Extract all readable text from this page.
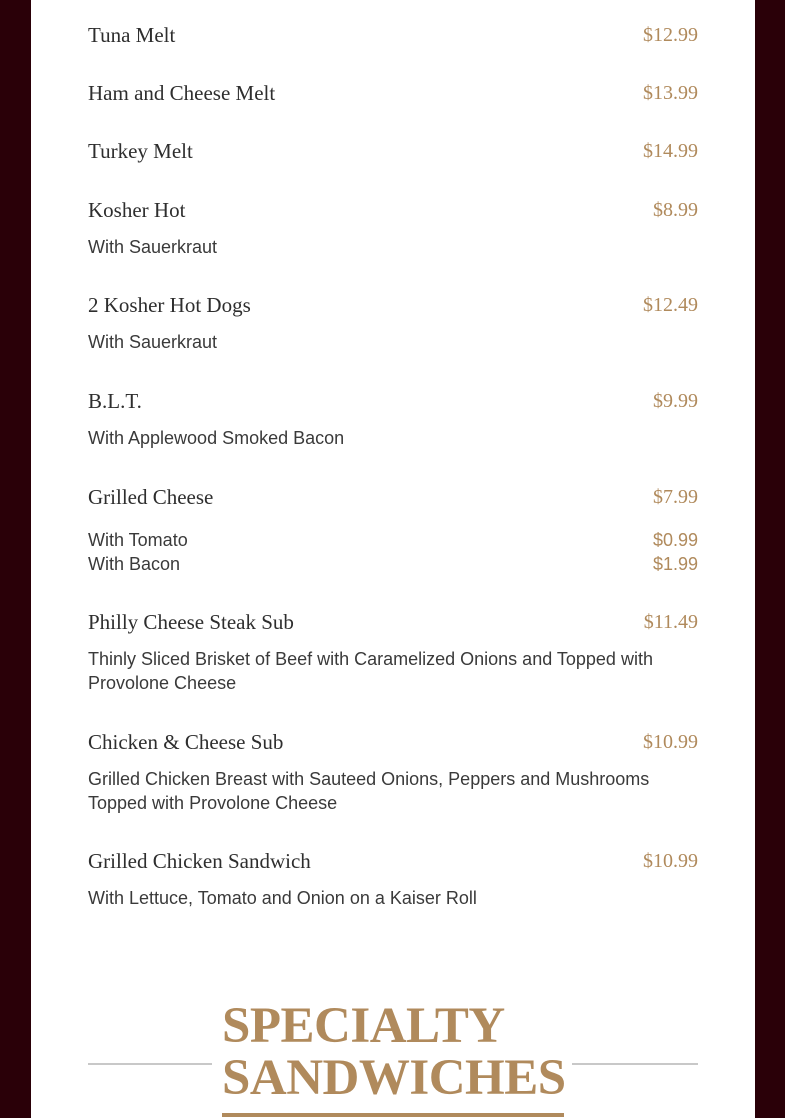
Tuna Melt	$12.99
Ham and Cheese Melt	$13.99
Turkey Melt	$14.99
Kosher Hot	$8.99
With Sauerkraut
2 Kosher Hot Dogs	$12.49
With Sauerkraut
B.L.T.	$9.99
With Applewood Smoked Bacon
Grilled Cheese	$7.99
With Tomato	$0.99
With Bacon	$1.99
Philly Cheese Steak Sub	$11.49
Thinly Sliced Brisket of Beef with Caramelized Onions and Topped with Provolone Cheese
Chicken & Cheese Sub	$10.99
Grilled Chicken Breast with Sauteed Onions, Peppers and Mushrooms Topped with Provolone Cheese
Grilled Chicken Sandwich	$10.99
With Lettuce, Tomato and Onion on a Kaiser Roll
SPECIALTY
SANDWICHES
